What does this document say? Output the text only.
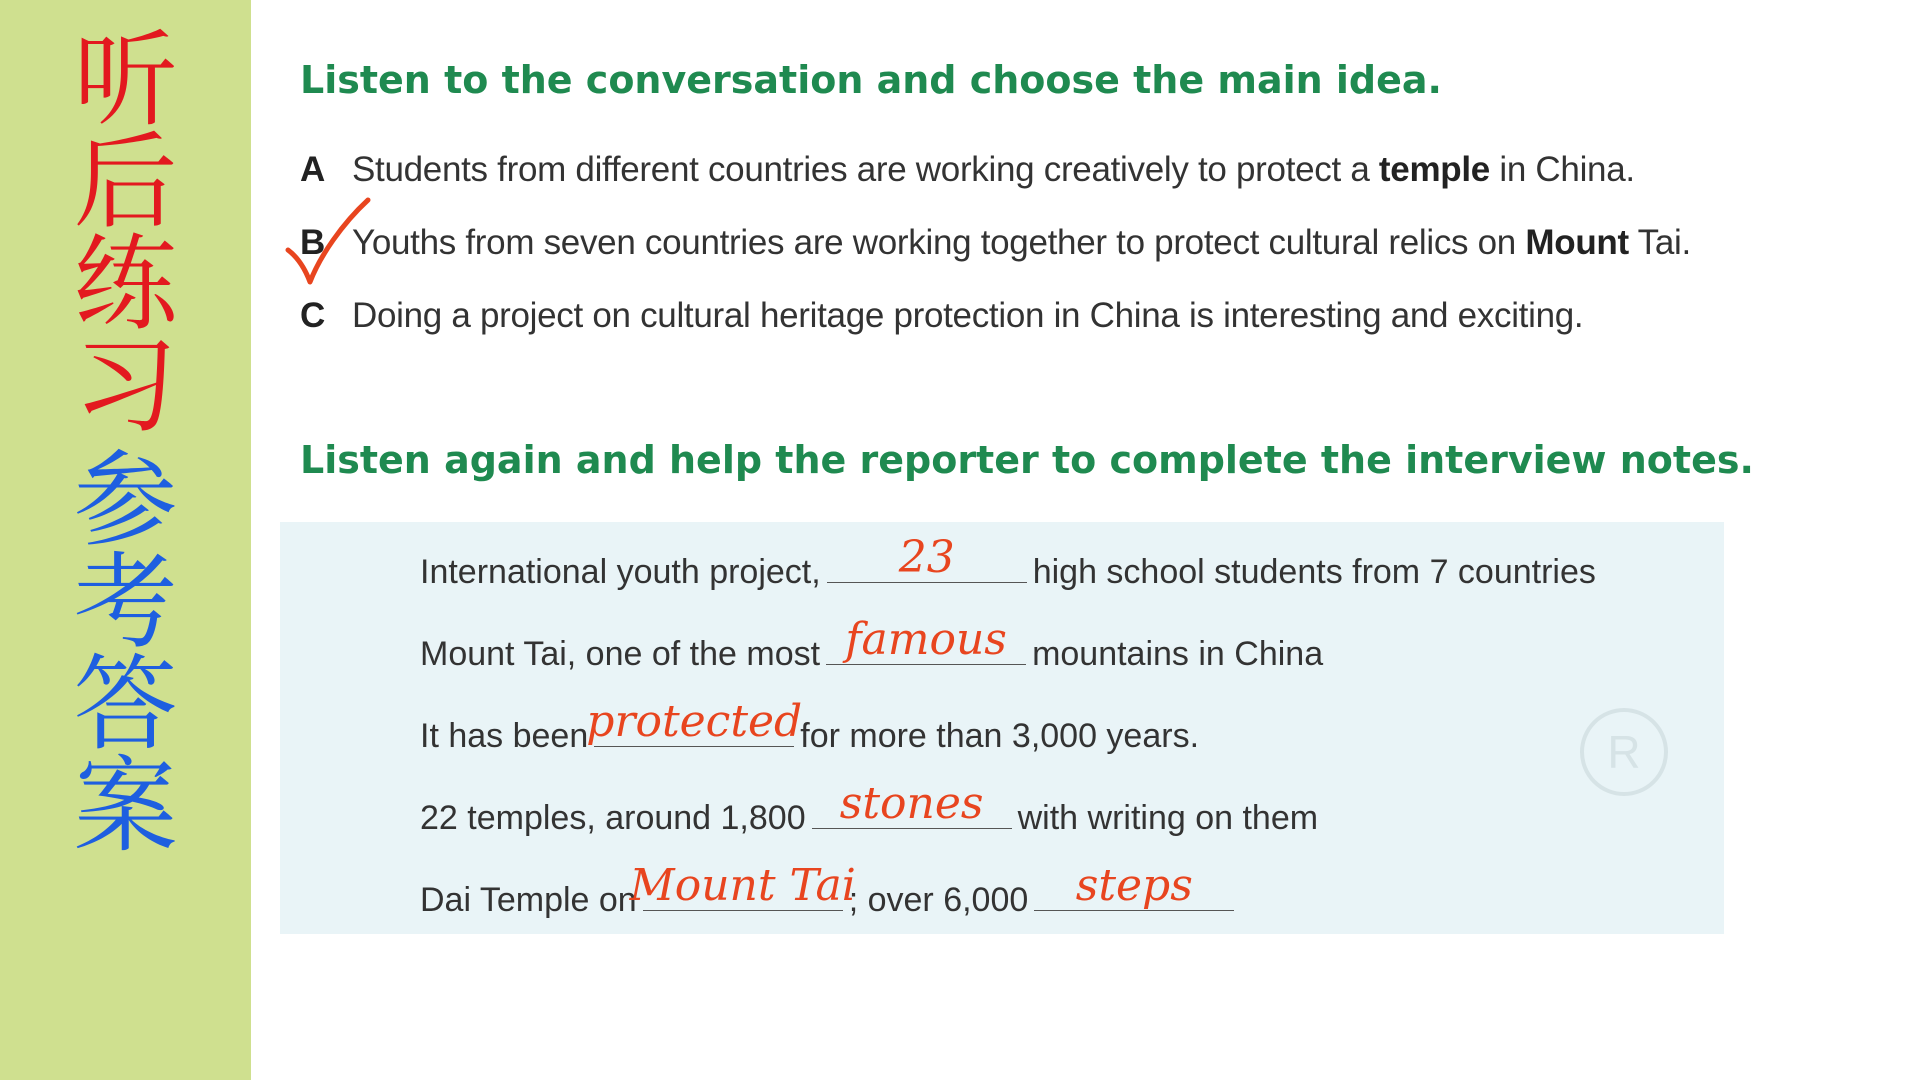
听
后
练
习
参
考
答
案
Listen to the conversation and choose the main idea.
A Students from different countries are working creatively to protect a temple in China.
B Youths from seven countries are working together to protect cultural relics on Mount Tai.
C Doing a project on cultural heritage protection in China is interesting and exciting.
Listen again and help the reporter to complete the interview notes.
R
International youth project, 23 high school students from 7 countries
Mount Tai, one of the most famous mountains in China
It has been
protected
for more than 3,000 years.
22 temples, around 1,800 stones with writing on them
Dai Temple on
Mount Tai
; over 6,000 steps
